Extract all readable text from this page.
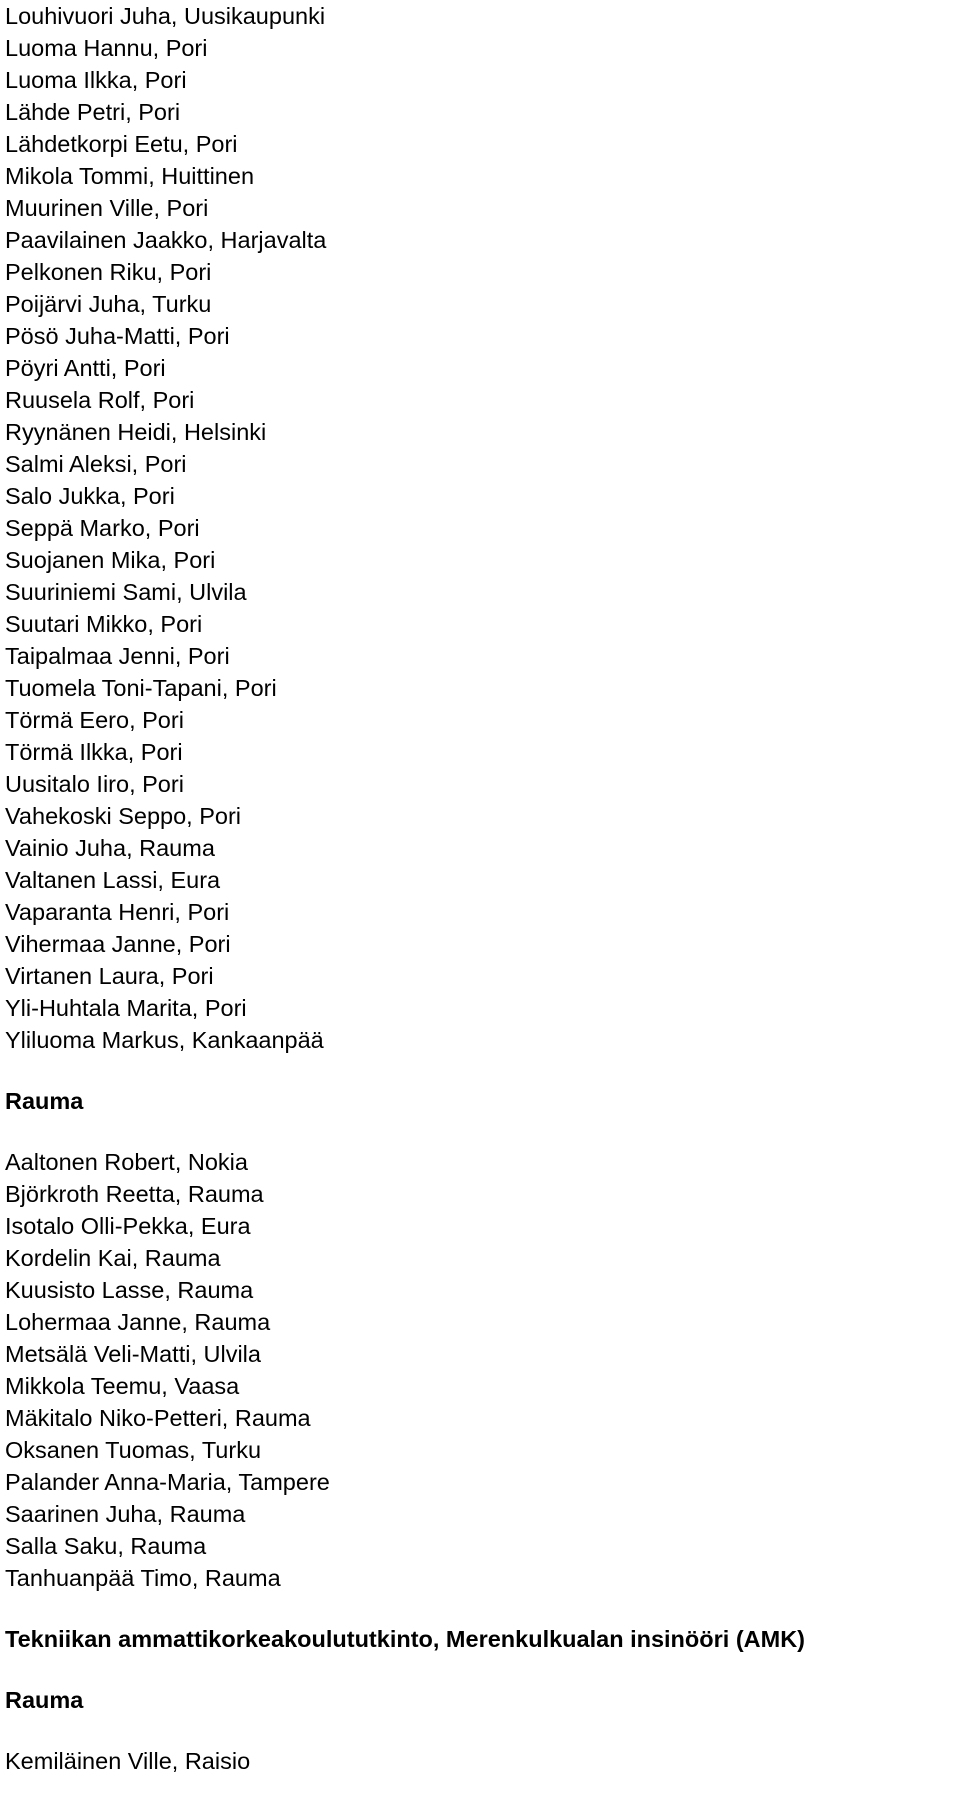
Louhivuori Juha, Uusikaupunki
Luoma Hannu, Pori
Luoma Ilkka, Pori
Lähde Petri, Pori
Lähdetkorpi Eetu, Pori
Mikola Tommi, Huittinen
Muurinen Ville, Pori
Paavilainen Jaakko, Harjavalta
Pelkonen Riku, Pori
Poijärvi Juha, Turku
Pösö Juha-Matti, Pori
Pöyri Antti, Pori
Ruusela Rolf, Pori
Ryynänen Heidi, Helsinki
Salmi Aleksi, Pori
Salo Jukka, Pori
Seppä Marko, Pori
Suojanen Mika, Pori
Suuriniemi Sami, Ulvila
Suutari Mikko, Pori
Taipalmaa Jenni, Pori
Tuomela Toni-Tapani, Pori
Törmä Eero, Pori
Törmä Ilkka, Pori
Uusitalo Iiro, Pori
Vahekoski Seppo, Pori
Vainio Juha, Rauma
Valtanen Lassi, Eura
Vaparanta Henri, Pori
Vihermaa Janne, Pori
Virtanen Laura, Pori
Yli-Huhtala Marita, Pori
Yliluoma Markus, Kankaanpää
Rauma
Aaltonen Robert, Nokia
Björkroth Reetta, Rauma
Isotalo Olli-Pekka, Eura
Kordelin Kai, Rauma
Kuusisto Lasse, Rauma
Lohermaa Janne, Rauma
Metsälä Veli-Matti, Ulvila
Mikkola Teemu, Vaasa
Mäkitalo Niko-Petteri, Rauma
Oksanen Tuomas, Turku
Palander Anna-Maria, Tampere
Saarinen Juha, Rauma
Salla Saku, Rauma
Tanhuanpää Timo, Rauma
Tekniikan ammattikorkeakoulututkinto, Merenkulkualan insinööri (AMK)
Rauma
Kemiläinen Ville, Raisio
